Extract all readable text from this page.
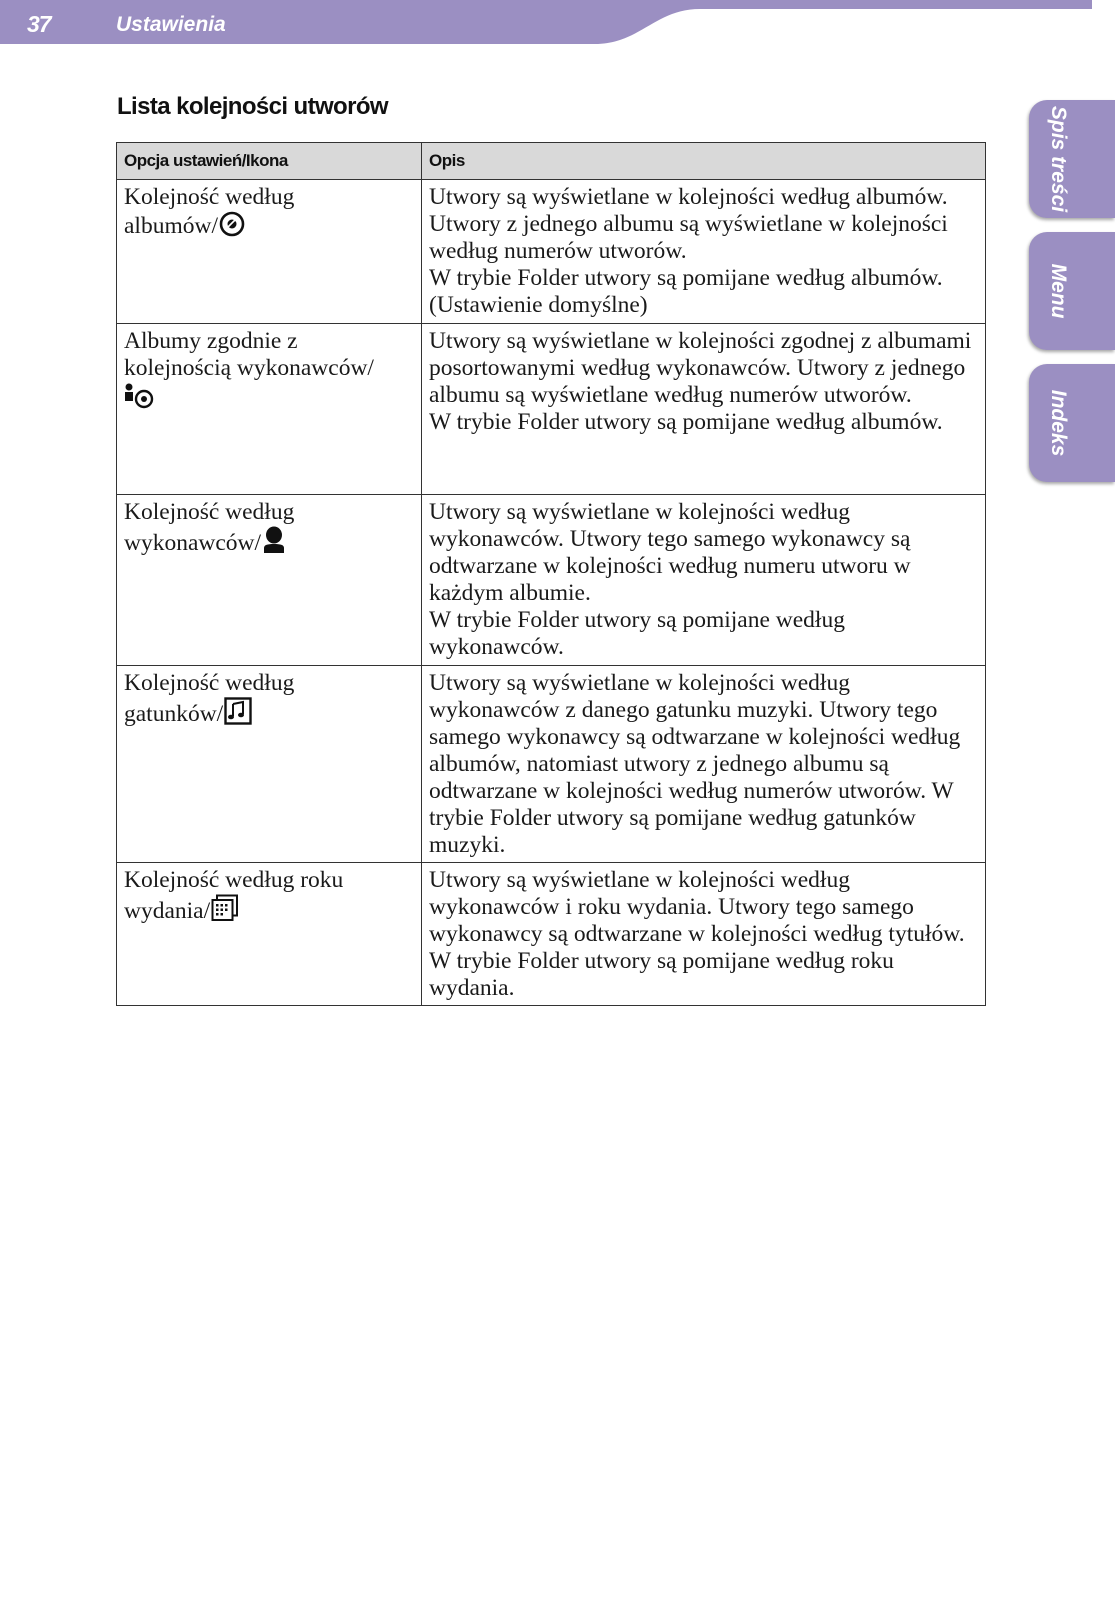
37	Ustawienia
Spis treści
Menu
Indeks
Lista kolejności utworów
Opcja ustawień/Ikona	Opis

Kolejność według
albumów/	Utwory są wyświetlane w kolejności według albumów. Utwory z jednego albumu są wyświetlane w kolejności według numerów utworów.
W trybie Folder utwory są pomijane według albumów. (Ustawienie domyślne)

Albumy zgodnie z
kolejnością wykonawców/	Utwory są wyświetlane w kolejności zgodnej z albumami posortowanymi według wykonawców. Utwory z jednego albumu są wyświetlane według numerów utworów.
W trybie Folder utwory są pomijane według albumów.

Kolejność według
wykonawców/	Utwory są wyświetlane w kolejności według wykonawców. Utwory tego samego wykonawcy są odtwarzane w kolejności według numeru utworu w każdym albumie.
W trybie Folder utwory są pomijane według wykonawców.

Kolejność według
gatunków/	Utwory są wyświetlane w kolejności według wykonawców z danego gatunku muzyki. Utwory tego samego wykonawcy są odtwarzane w kolejności według albumów, natomiast utwory z jednego albumu są odtwarzane w kolejności według numerów utworów. W trybie Folder utwory są pomijane według gatunków muzyki.

Kolejność według roku
wydania/	Utwory są wyświetlane w kolejności według wykonawców i roku wydania. Utwory tego samego wykonawcy są odtwarzane w kolejności według tytułów. W trybie Folder utwory są pomijane według roku wydania.
